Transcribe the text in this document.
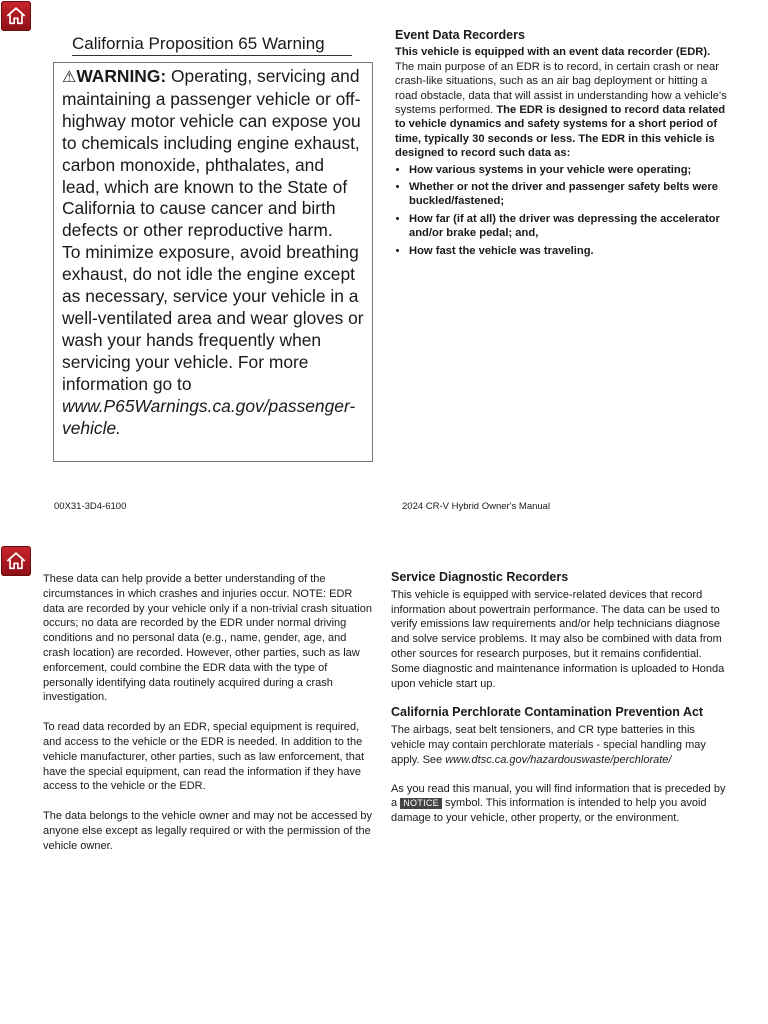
California Proposition 65 Warning

⚠WARNING: Operating, servicing and maintaining a passenger vehicle or off-highway motor vehicle can expose you to chemicals including engine exhaust, carbon monoxide, phthalates, and lead, which are known to the State of California to cause cancer and birth defects or other reproductive harm.

To minimize exposure, avoid breathing exhaust, do not idle the engine except as necessary, service your vehicle in a well-ventilated area and wear gloves or wash your hands frequently when servicing your vehicle. For more information go to www.P65Warnings.ca.gov/passenger-vehicle.

Event Data Recorders

This vehicle is equipped with an event data recorder (EDR). The main purpose of an EDR is to record, in certain crash or near crash-like situations, such as an air bag deployment or hitting a road obstacle, data that will assist in understanding how a vehicle's systems performed. The EDR is designed to record data related to vehicle dynamics and safety systems for a short period of time, typically 30 seconds or less. The EDR in this vehicle is designed to record such data as:

• How various systems in your vehicle were operating;
• Whether or not the driver and passenger safety belts were buckled/fastened;
• How far (if at all) the driver was depressing the accelerator and/or brake pedal; and,
• How fast the vehicle was traveling.
00X31-3D4-6100	2024 CR-V Hybrid Owner's Manual

These data can help provide a better understanding of the circumstances in which crashes and injuries occur. NOTE: EDR data are recorded by your vehicle only if a non-trivial crash situation occurs; no data are recorded by the EDR under normal driving conditions and no personal data (e.g., name, gender, age, and crash location) are recorded. However, other parties, such as law enforcement, could combine the EDR data with the type of personally identifying data routinely acquired during a crash investigation.

To read data recorded by an EDR, special equipment is required, and access to the vehicle or the EDR is needed. In addition to the vehicle manufacturer, other parties, such as law enforcement, that have the special equipment, can read the information if they have access to the vehicle or the EDR.

The data belongs to the vehicle owner and may not be accessed by anyone else except as legally required or with the permission of the vehicle owner.

Service Diagnostic Recorders

This vehicle is equipped with service-related devices that record information about powertrain performance. The data can be used to verify emissions law requirements and/or help technicians diagnose and solve service problems. It may also be combined with data from other sources for research purposes, but it remains confidential. Some diagnostic and maintenance information is uploaded to Honda upon vehicle start up.

California Perchlorate Contamination Prevention Act

The airbags, seat belt tensioners, and CR type batteries in this vehicle may contain perchlorate materials - special handling may apply. See www.dtsc.ca.gov/hazardouswaste/perchlorate/

As you read this manual, you will find information that is preceded by a NOTICE symbol. This information is intended to help you avoid damage to your vehicle, other property, or the environment.
